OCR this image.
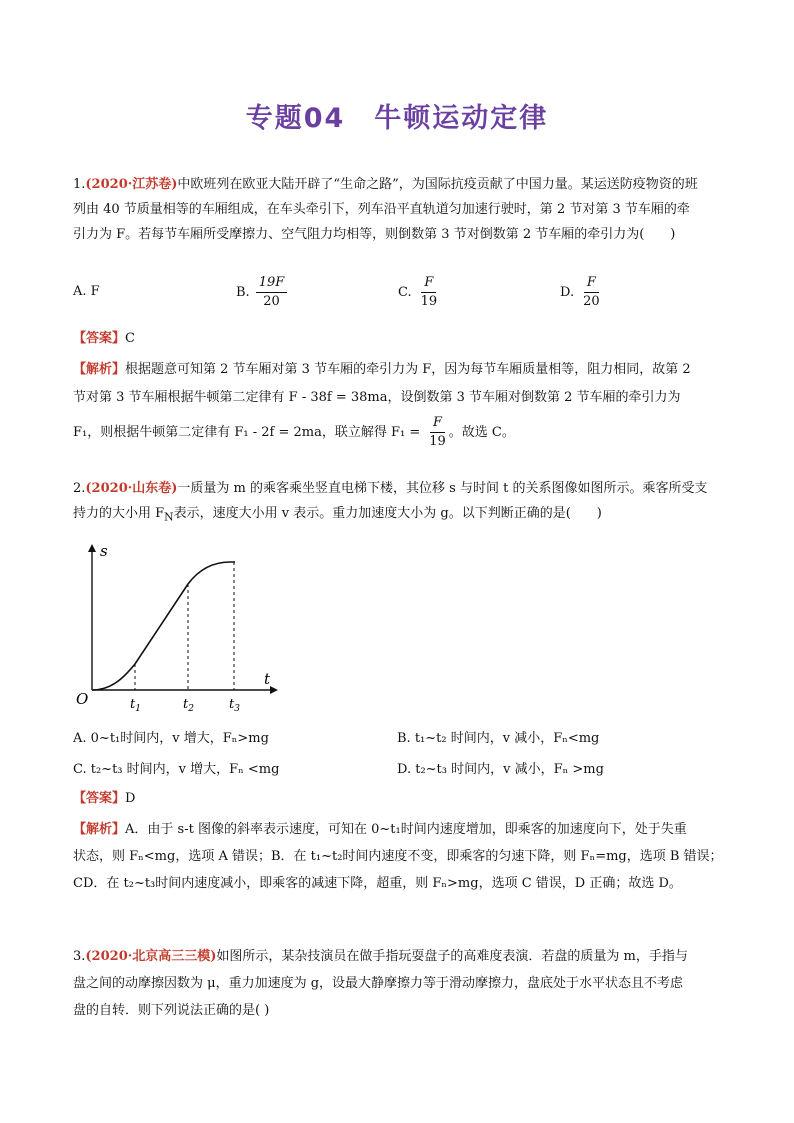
专题04　牛顿运动定律
1.(2020·江苏卷)中欧班列在欧亚大陆开辟了“生命之路”，为国际抗疫贡献了中国力量。某运送防疫物资的班
列由 40 节质量相等的车厢组成，在车头牵引下，列车沿平直轨道匀加速行驶时，第 2 节对第 3 节车厢的牵
引力为 F。若每节车厢所受摩擦力、空气阻力均相等，则倒数第 3 节对倒数第 2 节车厢的牵引力为(　　)
A. F	B. $\frac{19F}{20}$	C. $\frac{F}{19}$	D. $\frac{F}{20}$
【答案】C
【解析】根据题意可知第 2 节车厢对第 3 节车厢的牵引力为 F，因为每节车厢质量相等，阻力相同，故第 2
节对第 3 节车厢根据牛顿第二定律有 F - 38f = 38ma，设倒数第 3 节车厢对倒数第 2 节车厢的牵引力为
F₁，则根据牛顿第二定律有 F₁ - 2f = 2ma，联立解得 $F_1 = \frac{F}{19}$ 。故选 C。
2.(2020·山东卷)一质量为 m 的乘客乘坐竖直电梯下楼，其位移 s 与时间 t 的关系图像如图所示。乘客所受支
持力的大小用 $F_N$表示，速度大小用 v 表示。重力加速度大小为 g。以下判断正确的是(　　)
s
t
O	$t_1$	$t_2$	$t_3$
A. 0~t₁时间内，v 增大，Fₙ>mg	B. t₁~t₂ 时间内，v 减小，Fₙ<mg
C. t₂~t₃ 时间内，v 增大，Fₙ <mg	D. t₂~t₃ 时间内，v 减小，Fₙ >mg
【答案】D
【解析】A．由于 s-t 图像的斜率表示速度，可知在 0~t₁时间内速度增加，即乘客的加速度向下，处于失重
状态，则 Fₙ<mg，选项 A 错误；B．在 t₁~t₂时间内速度不变，即乘客的匀速下降，则 Fₙ=mg，选项 B 错误；
CD．在 t₂~t₃时间内速度减小，即乘客的减速下降，超重，则 Fₙ>mg，选项 C 错误，D 正确；故选 D。
3.(2020·北京高三三模)如图所示，某杂技演员在做手指玩耍盘子的高难度表演．若盘的质量为 m，手指与
盘之间的动摩擦因数为 μ，重力加速度为 g，设最大静摩擦力等于滑动摩擦力，盘底处于水平状态且不考虑
盘的自转．则下列说法正确的是( )
